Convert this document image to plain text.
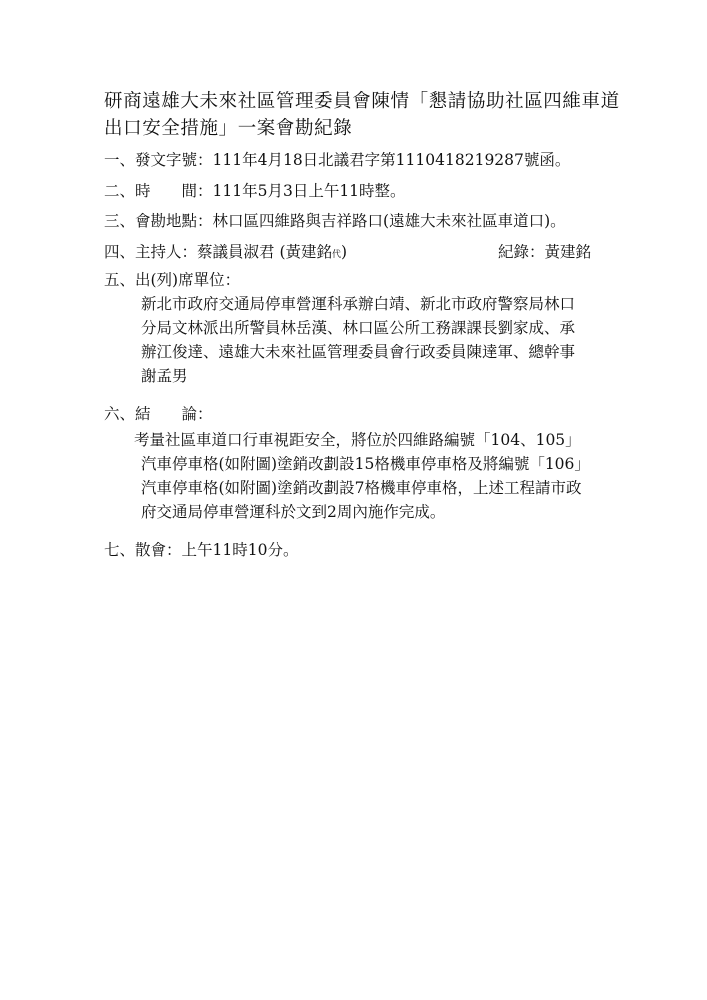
研商遠雄大未來社區管理委員會陳情「懇請協助社區四維車道
出口安全措施」一案會勘紀錄
一、發文字號：111年4月18日北議君字第1110418219287號函。
二、時　　間：111年5月3日上午11時整。
三、會勘地點：林口區四維路與吉祥路口(遠雄大未來社區車道口)。
四、主持人：蔡議員淑君 (黃建銘代)	紀錄：黃建銘
五、出(列)席單位：
新北市政府交通局停車營運科承辦白靖、新北市政府警察局林口
分局文林派出所警員林岳漢、林口區公所工務課課長劉家成、承
辦江俊達、遠雄大未來社區管理委員會行政委員陳達軍、總幹事
謝孟男
六、結　　論：
考量社區車道口行車視距安全，將位於四維路編號「104、105」
汽車停車格(如附圖)塗銷改劃設15格機車停車格及將編號「106」
汽車停車格(如附圖)塗銷改劃設7格機車停車格，上述工程請市政
府交通局停車營運科於文到2周內施作完成。
七、散會：上午11時10分。
